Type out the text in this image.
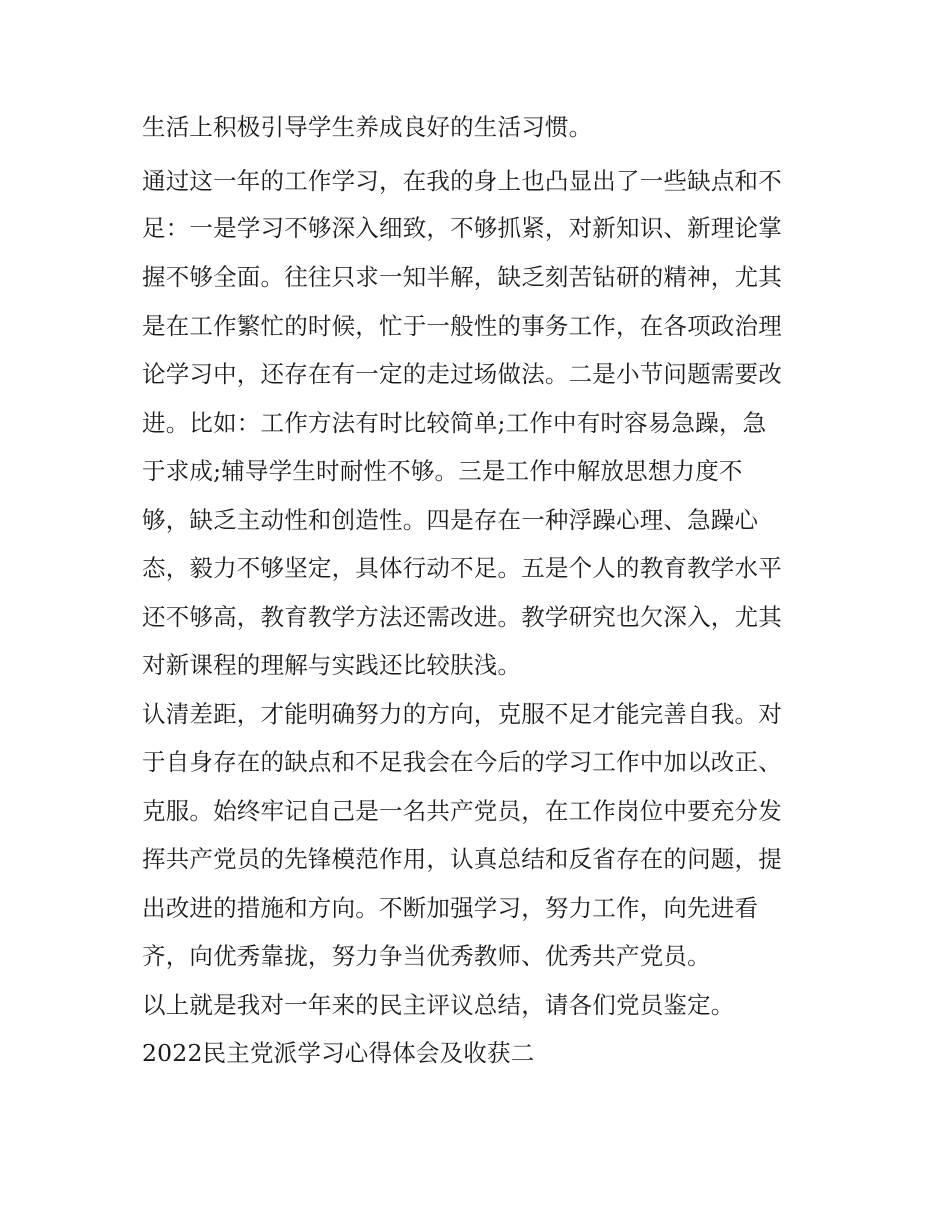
生活上积极引导学生养成良好的生活习惯。
通过这一年的工作学习，在我的身上也凸显出了一些缺点和不
足：一是学习不够深入细致，不够抓紧，对新知识、新理论掌
握不够全面。往往只求一知半解，缺乏刻苦钻研的精神，尤其
是在工作繁忙的时候，忙于一般性的事务工作，在各项政治理
论学习中，还存在有一定的走过场做法。二是小节问题需要改
进。比如：工作方法有时比较简单;工作中有时容易急躁，急
于求成;辅导学生时耐性不够。三是工作中解放思想力度不
够，缺乏主动性和创造性。四是存在一种浮躁心理、急躁心
态，毅力不够坚定，具体行动不足。五是个人的教育教学水平
还不够高，教育教学方法还需改进。教学研究也欠深入，尤其
对新课程的理解与实践还比较肤浅。
认清差距，才能明确努力的方向，克服不足才能完善自我。对
于自身存在的缺点和不足我会在今后的学习工作中加以改正、
克服。始终牢记自己是一名共产党员，在工作岗位中要充分发
挥共产党员的先锋模范作用，认真总结和反省存在的问题，提
出改进的措施和方向。不断加强学习，努力工作，向先进看
齐，向优秀靠拢，努力争当优秀教师、优秀共产党员。
以上就是我对一年来的民主评议总结，请各们党员鉴定。
2022民主党派学习心得体会及收获二
